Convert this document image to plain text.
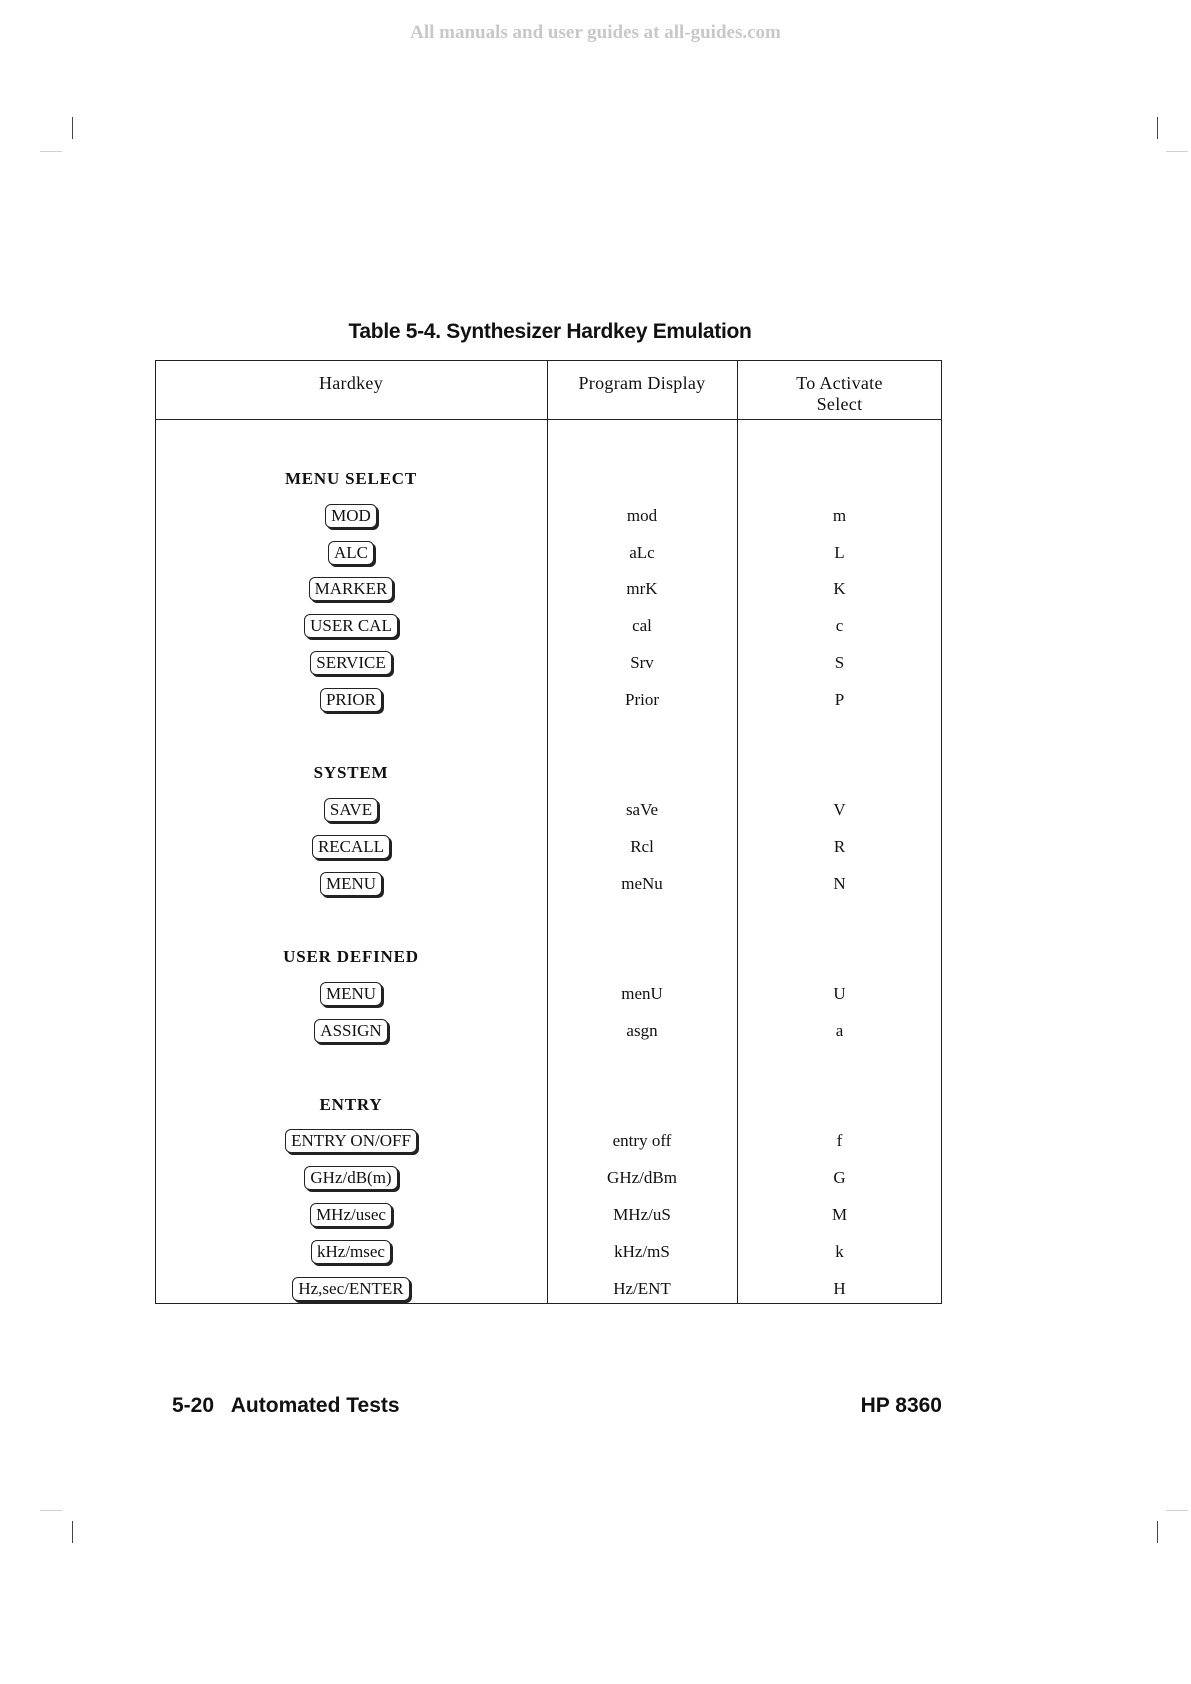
All manuals and user guides at all-guides.com
Table 5-4. Synthesizer Hardkey Emulation
Hardkey	Program Display	To Activate
Select
MENU SELECT
MOD	mod	m
ALC	aLc	L
MARKER	mrK	K
USER CAL	cal	c
SERVICE	Srv	S
PRIOR	Prior	P
SYSTEM
SAVE	saVe	V
RECALL	Rcl	R
MENU	meNu	N
USER DEFINED
MENU	menU	U
ASSIGN	asgn	a
ENTRY
ENTRY ON/OFF	entry off	f
GHz/dB(m)	GHz/dBm	G
MHz/usec	MHz/uS	M
kHz/msec	kHz/mS	k
Hz,sec/ENTER	Hz/ENT	H
5-20   Automated Tests	HP 8360
